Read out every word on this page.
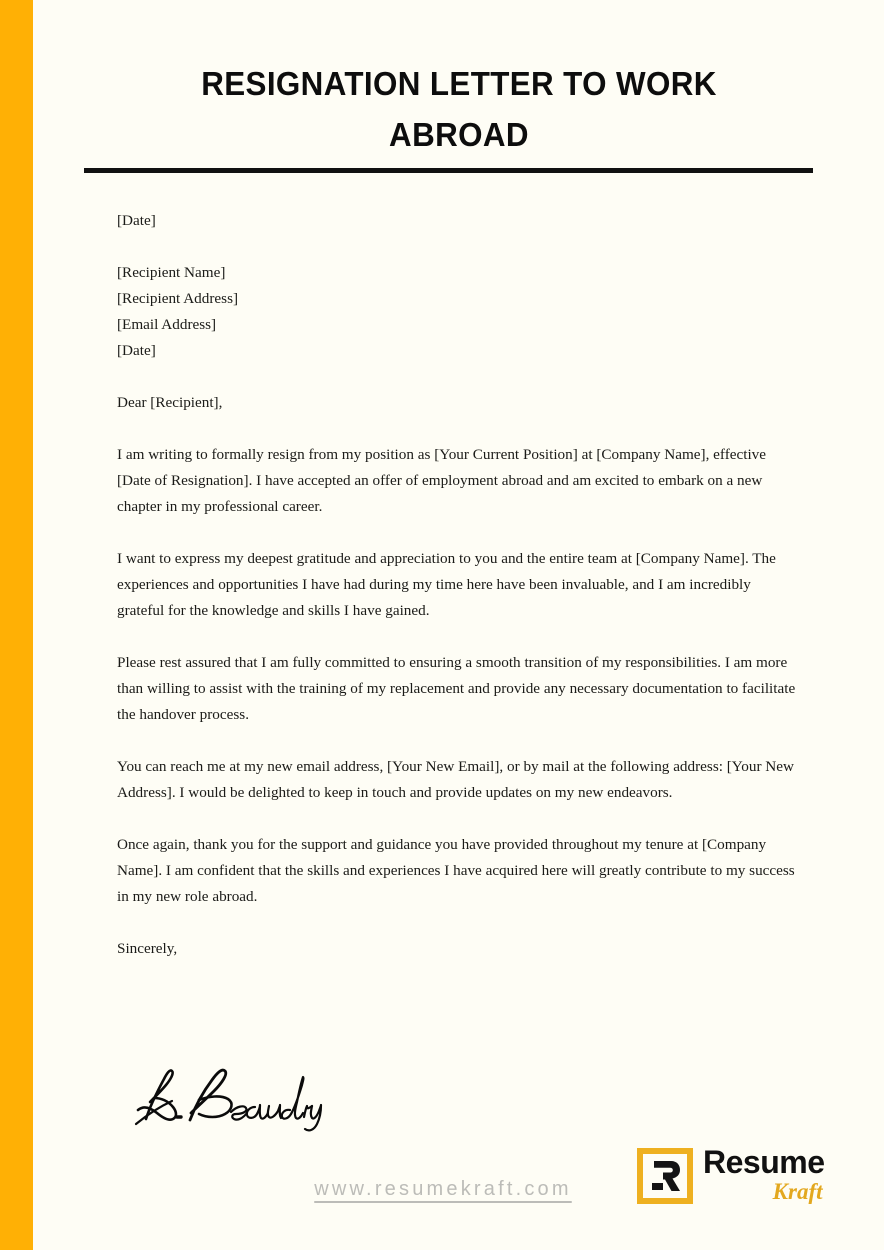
RESIGNATION LETTER TO WORK
ABROAD

[Date]

[Recipient Name]
[Recipient Address]
[Email Address]
[Date]

Dear [Recipient],

I am writing to formally resign from my position as [Your Current Position] at [Company Name], effective [Date of Resignation]. I have accepted an offer of employment abroad and am excited to embark on a new chapter in my professional career.

I want to express my deepest gratitude and appreciation to you and the entire team at [Company Name]. The experiences and opportunities I have had during my time here have been invaluable, and I am incredibly grateful for the knowledge and skills I have gained.

Please rest assured that I am fully committed to ensuring a smooth transition of my responsibilities. I am more than willing to assist with the training of my replacement and provide any necessary documentation to facilitate the handover process.

You can reach me at my new email address, [Your New Email], or by mail at the following address: [Your New Address]. I would be delighted to keep in touch and provide updates on my new endeavors.

Once again, thank you for the support and guidance you have provided throughout my tenure at [Company Name]. I am confident that the skills and experiences I have acquired here will greatly contribute to my success in my new role abroad.

Sincerely,

www.resumekraft.com
Resume
Kraft
